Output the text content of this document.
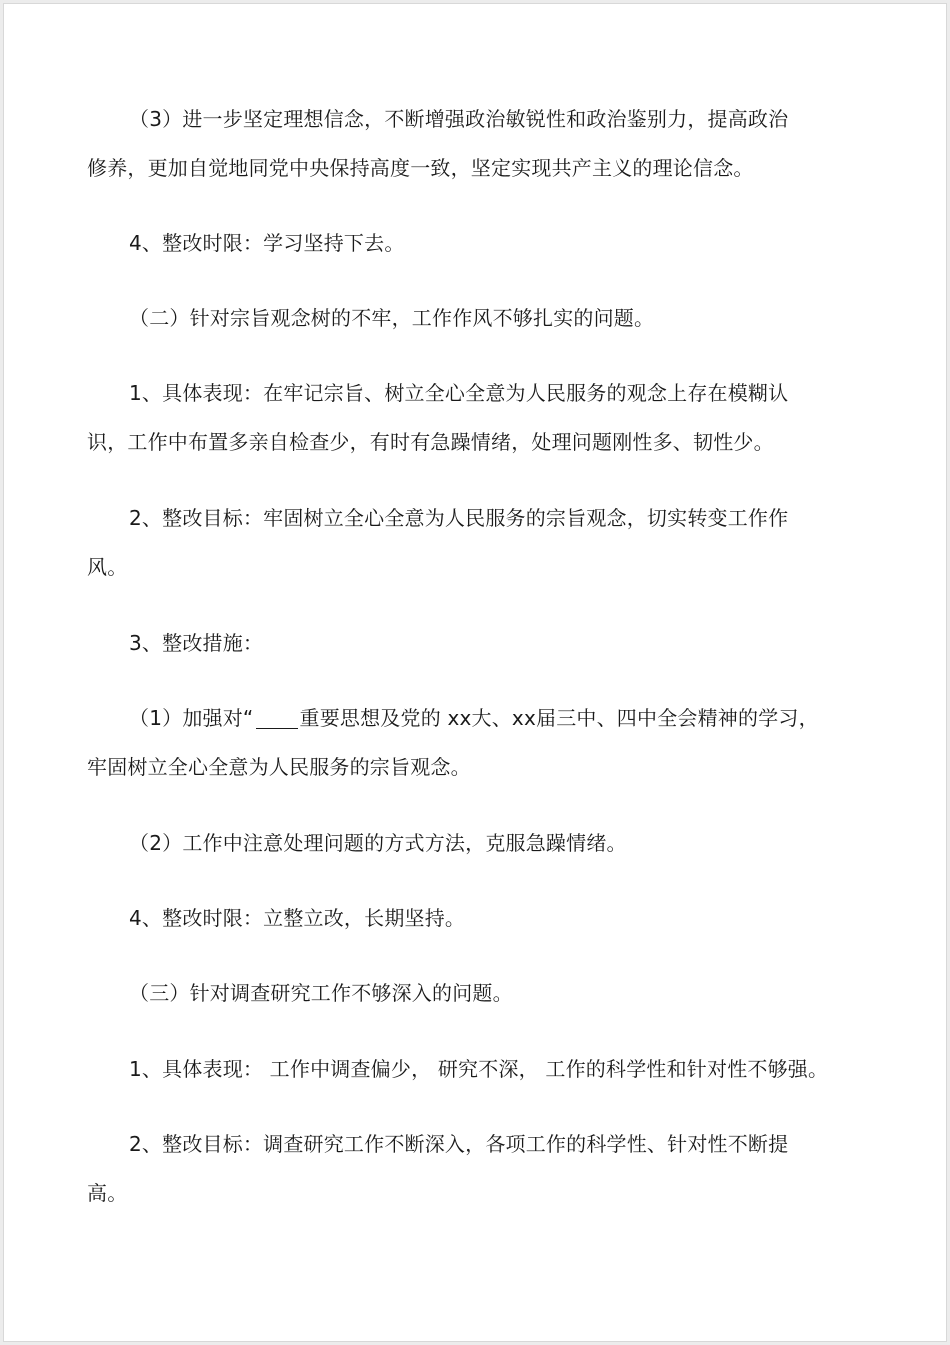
（3）进一步坚定理想信念，不断增强政治敏锐性和政治鉴别力，提高政治
修养，更加自觉地同党中央保持高度一致，坚定实现共产主义的理论信念。
4、整改时限：学习坚持下去。
（二）针对宗旨观念树的不牢，工作作风不够扎实的问题。
1、具体表现：在牢记宗旨、树立全心全意为人民服务的观念上存在模糊认
识，工作中布置多亲自检查少，有时有急躁情绪，处理问题刚性多、韧性少。
2、整改目标：牢固树立全心全意为人民服务的宗旨观念，切实转变工作作
风。
3、整改措施：
（1）加强对“ 重要思想及党的 xx大、xx届三中、四中全会精神的学习，
牢固树立全心全意为人民服务的宗旨观念。
（2）工作中注意处理问题的方式方法，克服急躁情绪。
4、整改时限：立整立改，长期坚持。
（三）针对调查研究工作不够深入的问题。
1、具体表现： 工作中调查偏少， 研究不深， 工作的科学性和针对性不够强。
2、整改目标：调查研究工作不断深入，各项工作的科学性、针对性不断提
高。
